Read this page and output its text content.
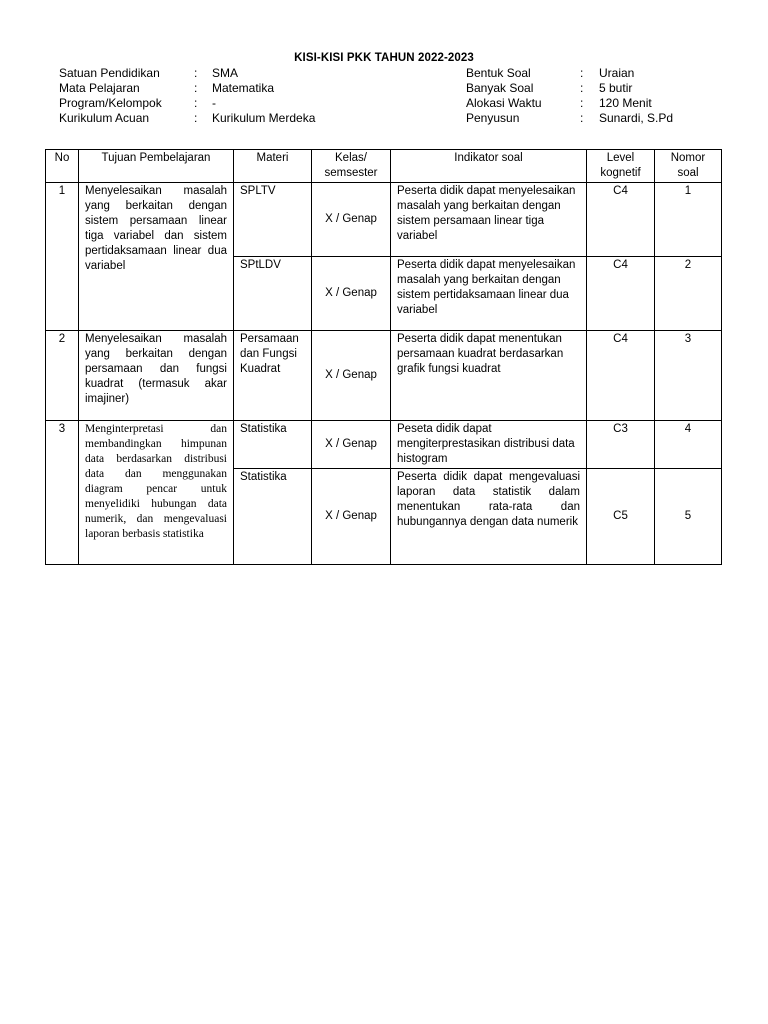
KISI-KISI PKK TAHUN 2022-2023
Satuan Pendidikan	:	SMA
Mata Pelajaran	:	Matematika
Program/Kelompok	:	-
Kurikulum Acuan	:	Kurikulum Merdeka
Bentuk Soal	:	Uraian
Banyak Soal	:	5 butir
Alokasi Waktu	:	120 Menit
Penyusun	:	Sunardi, S.Pd
No	Tujuan Pembelajaran	Materi	Kelas/ semsester	Indikator soal	Level kognetif	Nomor soal
1	Menyelesaikan masalah yang berkaitan dengan sistem persamaan linear tiga variabel dan sistem pertidaksamaan linear dua variabel	SPLTV	X / Genap	Peserta didik dapat menyelesaikan masalah yang berkaitan dengan sistem persamaan linear tiga variabel	C4	1
		SPtLDV	X / Genap	Peserta didik dapat menyelesaikan masalah yang berkaitan dengan sistem pertidaksamaan linear dua variabel	C4	2
2	Menyelesaikan masalah yang berkaitan dengan persamaan dan fungsi kuadrat (termasuk akar imajiner)	Persamaan dan Fungsi Kuadrat	X / Genap	Peserta didik dapat menentukan persamaan kuadrat berdasarkan grafik fungsi kuadrat	C4	3
3	Menginterpretasi dan membandingkan himpunan data berdasarkan distribusi data dan menggunakan diagram pencar untuk menyelidiki hubungan data numerik, dan mengevaluasi laporan berbasis statistika	Statistika	X / Genap	Peseta didik dapat mengiterprestasikan distribusi data histogram	C3	4
		Statistika	X / Genap	Peserta didik dapat mengevaluasi laporan data statistik dalam menentukan rata-rata dan hubungannya dengan data numerik	C5	5
